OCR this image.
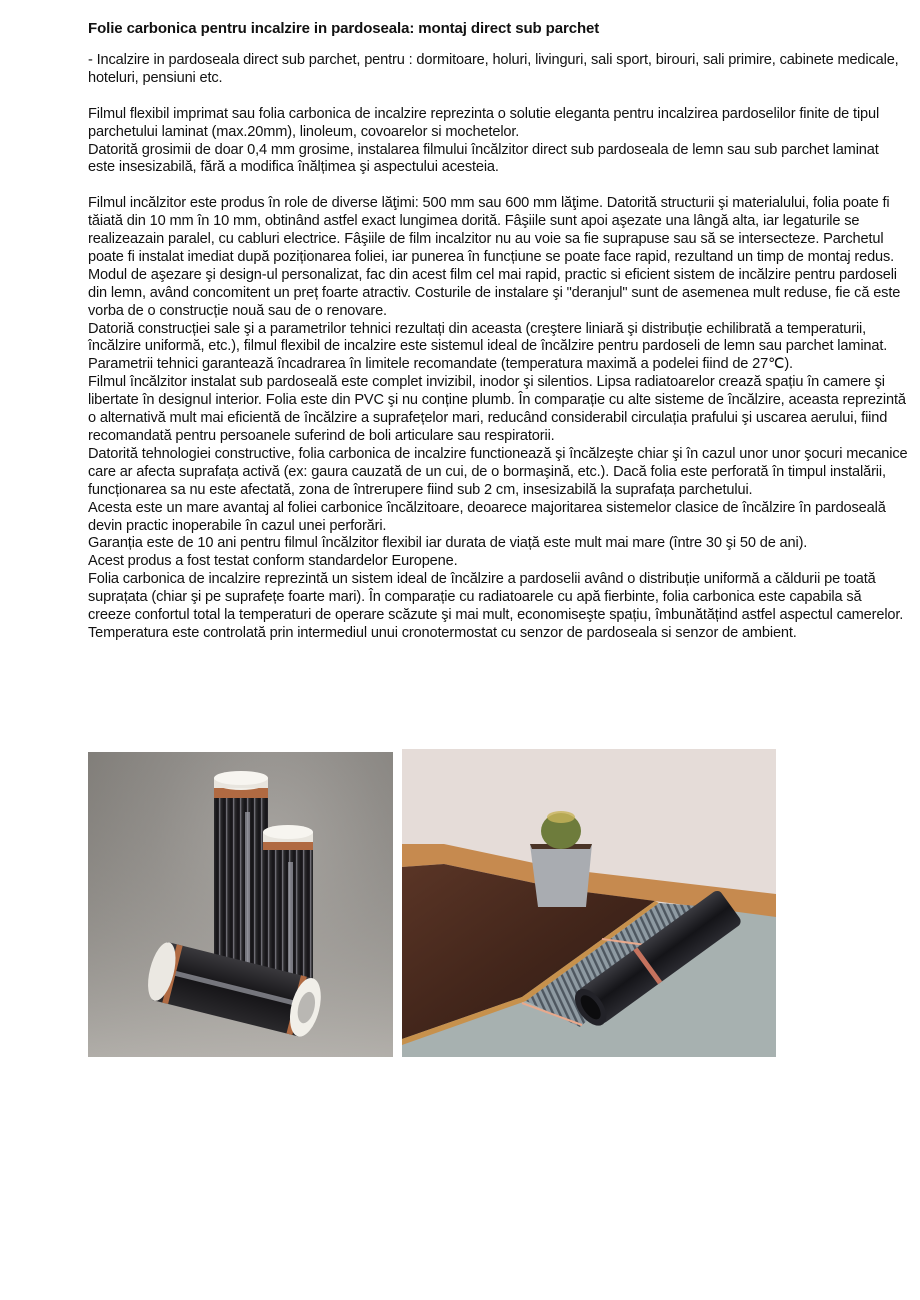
Folie carbonica pentru incalzire in pardoseala: montaj direct sub parchet

- Incalzire in pardoseala direct sub parchet, pentru : dormitoare, holuri, livinguri, sali sport, birouri, sali primire, cabinete medicale, hoteluri, pensiuni etc.

Filmul flexibil imprimat sau folia carbonica de incalzire reprezinta o solutie eleganta pentru incalzirea pardoselilor finite de tipul parchetului laminat (max.20mm), linoleum, covoarelor si mochetelor.

Datorită grosimii de doar 0,4 mm grosime, instalarea filmului încălzitor direct sub pardoseala de lemn sau sub parchet laminat este insesizabilă, fără a modifica înălțimea şi aspectului acesteia.

Filmul incălzitor este produs în role de diverse lăţimi: 500 mm sau 600 mm lăţime. Datorită structurii şi materialului, folia poate fi tăiată din 10 mm în 10 mm, obtinând astfel exact lungimea dorită. Fâşiile sunt apoi aşezate una lângă alta, iar legaturile se realizeazain paralel, cu cabluri electrice. Fâşiile de film incalzitor nu au voie sa fie suprapuse sau să se intersecteze. Parchetul poate fi instalat imediat după poziționarea foliei, iar punerea în funcțiune se poate face rapid, rezultand un timp de montaj redus. Modul de aşezare şi design-ul personalizat, fac din acest film cel mai rapid, practic si eficient sistem de incălzire pentru pardoseli din lemn, având concomitent un preț foarte atractiv. Costurile de instalare şi "deranjul" sunt de asemenea mult reduse, fie că este vorba de o construcție nouă sau de o renovare.

Datoriă construcției sale şi a parametrilor tehnici rezultați din aceasta (creştere liniară şi distribuție echilibrată a temperaturii, încălzire uniformă, etc.), filmul flexibil de incalzire este sistemul ideal de încălzire pentru pardoseli de lemn sau parchet laminat. Parametrii tehnici garantează încadrarea în limitele recomandate (temperatura maximă a podelei fiind de 27℃).

Filmul încălzitor instalat sub pardoseală este complet invizibil, inodor şi silentios. Lipsa radiatoarelor crează spațiu în camere şi libertate în designul interior. Folia este din PVC şi nu conține plumb. În comparație cu alte sisteme de încălzire, aceasta reprezintă o alternativă mult mai eficientă de încălzire a suprafețelor mari, reducând considerabil circulația prafului şi uscarea aerului, fiind recomandată pentru persoanele suferind de boli articulare sau respiratorii.

Datorită tehnologiei constructive, folia carbonica de incalzire functionează şi încălzeşte chiar şi în cazul unor unor şocuri mecanice care ar afecta suprafața activă (ex: gaura cauzată de un cui, de o bormaşină, etc.). Dacă folia este perforată în timpul instalării, funcționarea sa nu este afectată, zona de întrerupere fiind sub 2 cm, insesizabilă la suprafața parchetului.

Acesta este un mare avantaj al foliei carbonice încălzitoare, deoarece majoritarea sistemelor clasice de încălzire în pardoseală devin practic inoperabile în cazul unei perforări.

Garanția este de 10 ani pentru filmul încălzitor flexibil iar durata de viață este mult mai mare (între 30 şi 50 de ani).

Acest produs a fost testat conform standardelor Europene.

Folia carbonica de incalzire reprezintă un sistem ideal de încălzire a pardoselii având o distribuție uniformă a căldurii pe toată suprațata (chiar şi pe suprafețe foarte mari). În comparație cu radiatoarele cu apă fierbinte, folia carbonica este capabila să creeze confortul total la temperaturi de operare scăzute şi mai mult, economiseşte spațiu, îmbunătățind astfel aspectul camerelor. Temperatura este controlată prin intermediul unui cronotermostat cu senzor de pardoseala si senzor de ambient.
